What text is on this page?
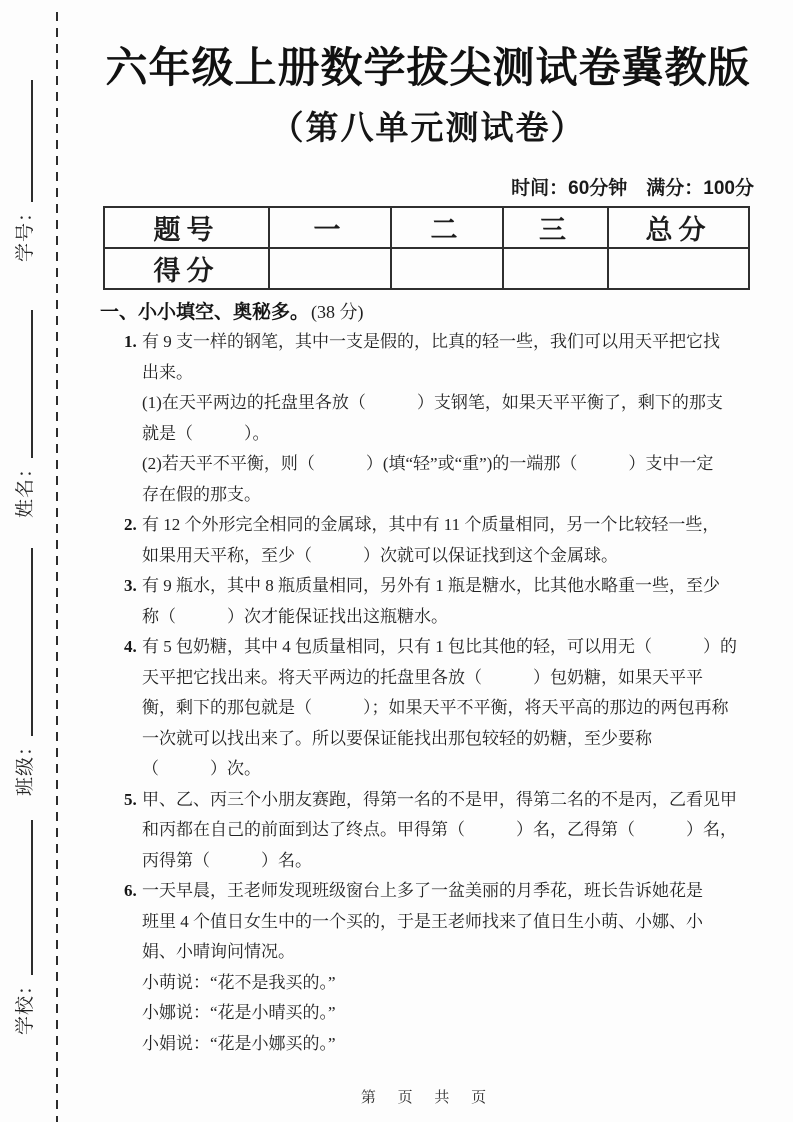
学号：
姓名：
班级：
学校：
六年级上册数学拔尖测试卷冀教版
（第八单元测试卷）
时间：60分钟　满分：100分
题号	一	二	三	总分
得分				
一、小小填空、奥秘多。 (38 分)
1. 有 9 支一样的钢笔，其中一支是假的，比真的轻一些，我们可以用天平把它找
出来。
(1)在天平两边的托盘里各放（　　　）支钢笔，如果天平平衡了，剩下的那支
就是（　　　）。
(2)若天平不平衡，则（　　　）(填“轻”或“重”)的一端那（　　　）支中一定
存在假的那支。
2. 有 12 个外形完全相同的金属球，其中有 11 个质量相同，另一个比较轻一些，
如果用天平称，至少（　　　）次就可以保证找到这个金属球。
3. 有 9 瓶水，其中 8 瓶质量相同，另外有 1 瓶是糖水，比其他水略重一些，至少
称（　　　）次才能保证找出这瓶糖水。
4. 有 5 包奶糖，其中 4 包质量相同，只有 1 包比其他的轻，可以用无（　　　）的
天平把它找出来。将天平两边的托盘里各放（　　　）包奶糖，如果天平平
衡，剩下的那包就是（　　　）；如果天平不平衡，将天平高的那边的两包再称
一次就可以找出来了。所以要保证能找出那包较轻的奶糖，至少要称
（　　　）次。
5. 甲、乙、丙三个小朋友赛跑，得第一名的不是甲，得第二名的不是丙，乙看见甲
和丙都在自己的前面到达了终点。甲得第（　　　）名，乙得第（　　　）名，
丙得第（　　　）名。
6. 一天早晨，王老师发现班级窗台上多了一盆美丽的月季花，班长告诉她花是
班里 4 个值日女生中的一个买的，于是王老师找来了值日生小萌、小娜、小
娟、小晴询问情况。
小萌说：“花不是我买的。”
小娜说：“花是小晴买的。”
小娟说：“花是小娜买的。”
第 页 共 页
